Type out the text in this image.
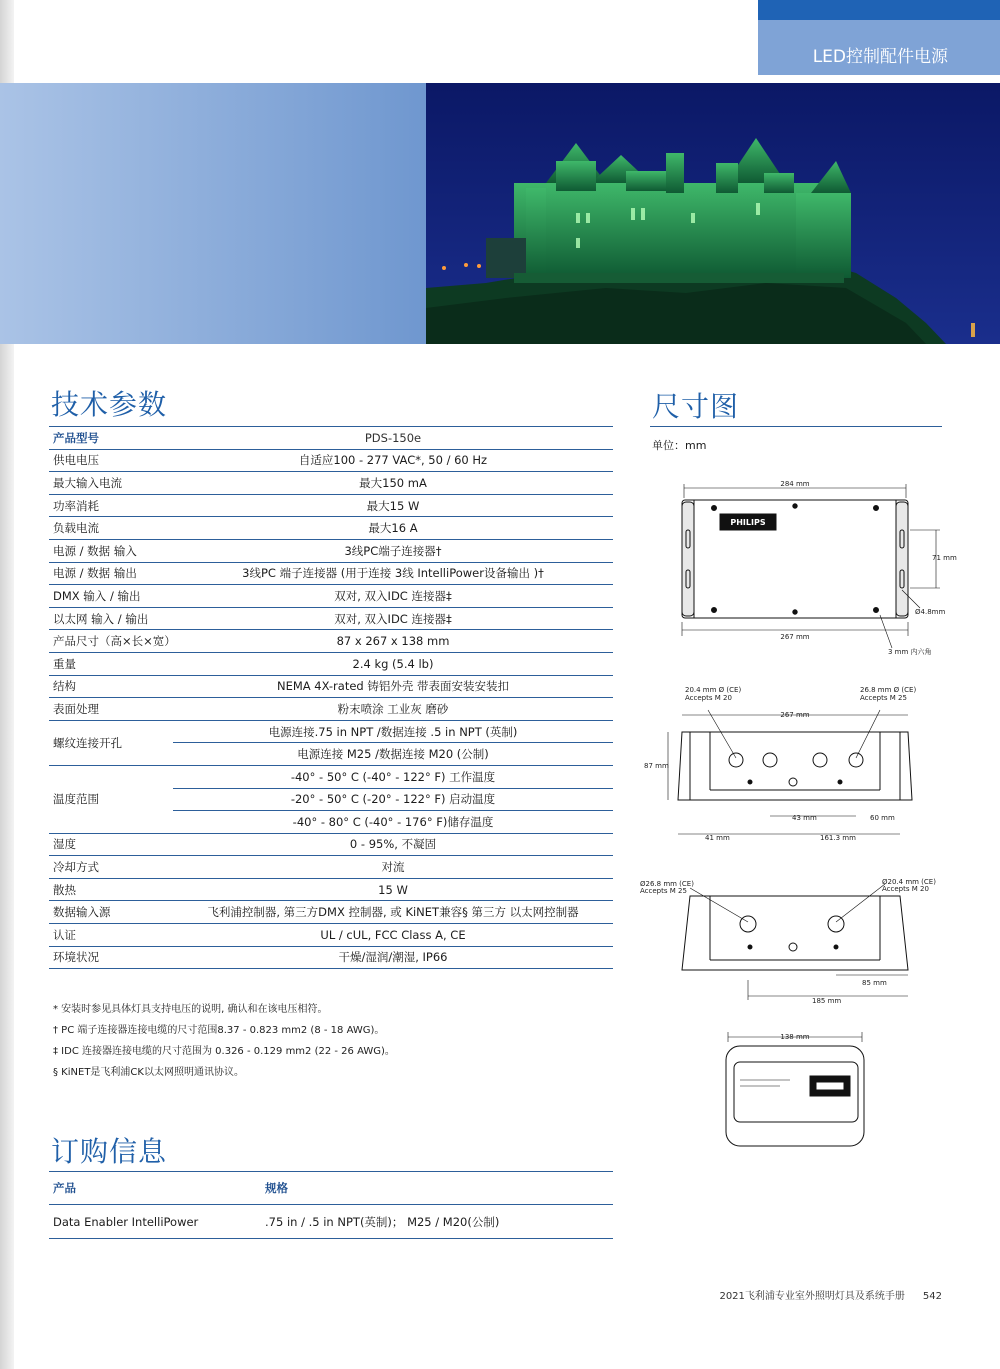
LED控制配件电源
技术参数
产品型号	PDS-150e
供电电压	自适应100 - 277 VAC*, 50 / 60 Hz
最大输入电流	最大150 mA
功率消耗	最大15 W
负载电流	最大16 A
电源 / 数据 输入	3线PC端子连接器†
电源 / 数据 输出	3线PC 端子连接器 (用于连接 3线 IntelliPower设备输出 )†
DMX 输入 / 输出	双对, 双入IDC 连接器‡
以太网 输入 / 输出	双对, 双入IDC 连接器‡
产品尺寸（高×长×宽）	87 x 267 x 138 mm
重量	2.4 kg (5.4 lb)
结构	NEMA 4X-rated 铸铝外壳 带表面安装安装扣
表面处理	粉末喷涂 工业灰 磨砂
螺纹连接开孔	电源连接.75 in NPT /数据连接 .5 in NPT (英制)
	电源连接 M25 /数据连接 M20 (公制)
温度范围	-40° - 50° C (-40° - 122° F) 工作温度
	-20° - 50° C (-20° - 122° F) 启动温度
	-40° - 80° C (-40° - 176° F)储存温度
湿度	0 - 95%, 不凝固
冷却方式	对流
散热	15 W
数据输入源	飞利浦控制器, 第三方DMX 控制器, 或 KiNET兼容§ 第三方 以太网控制器
认证	UL / cUL, FCC Class A, CE
环境状况	干燥/湿润/潮湿, IP66
* 安装时参见具体灯具支持电压的说明, 确认和在该电压相符。
† PC 端子连接器连接电缆的尺寸范围8.37 - 0.823 mm2 (8 - 18 AWG)。
‡ IDC 连接器连接电缆的尺寸范围为 0.326 - 0.129 mm2 (22 - 26 AWG)。
§ KiNET是飞利浦CK以太网照明通讯协议。
订购信息
产品	规格
Data Enabler IntelliPower	.75 in / .5 in NPT(英制)； M25 / M20(公制)
尺寸图
单位：mm
284 mm
PHILIPS
71 mm
Ø4.8mm
267 mm
3 mm 内六角
20.4 mm Ø (CE)
Accepts M 20
26.8 mm Ø (CE)
Accepts M 25
267 mm
87 mm
43 mm	60 mm
41 mm	161.3 mm
Ø26.8 mm (CE)
Accepts M 25
Ø20.4 mm (CE)
Accepts M 20
85 mm
185 mm
138 mm
2021飞利浦专业室外照明灯具及系统手册 542
